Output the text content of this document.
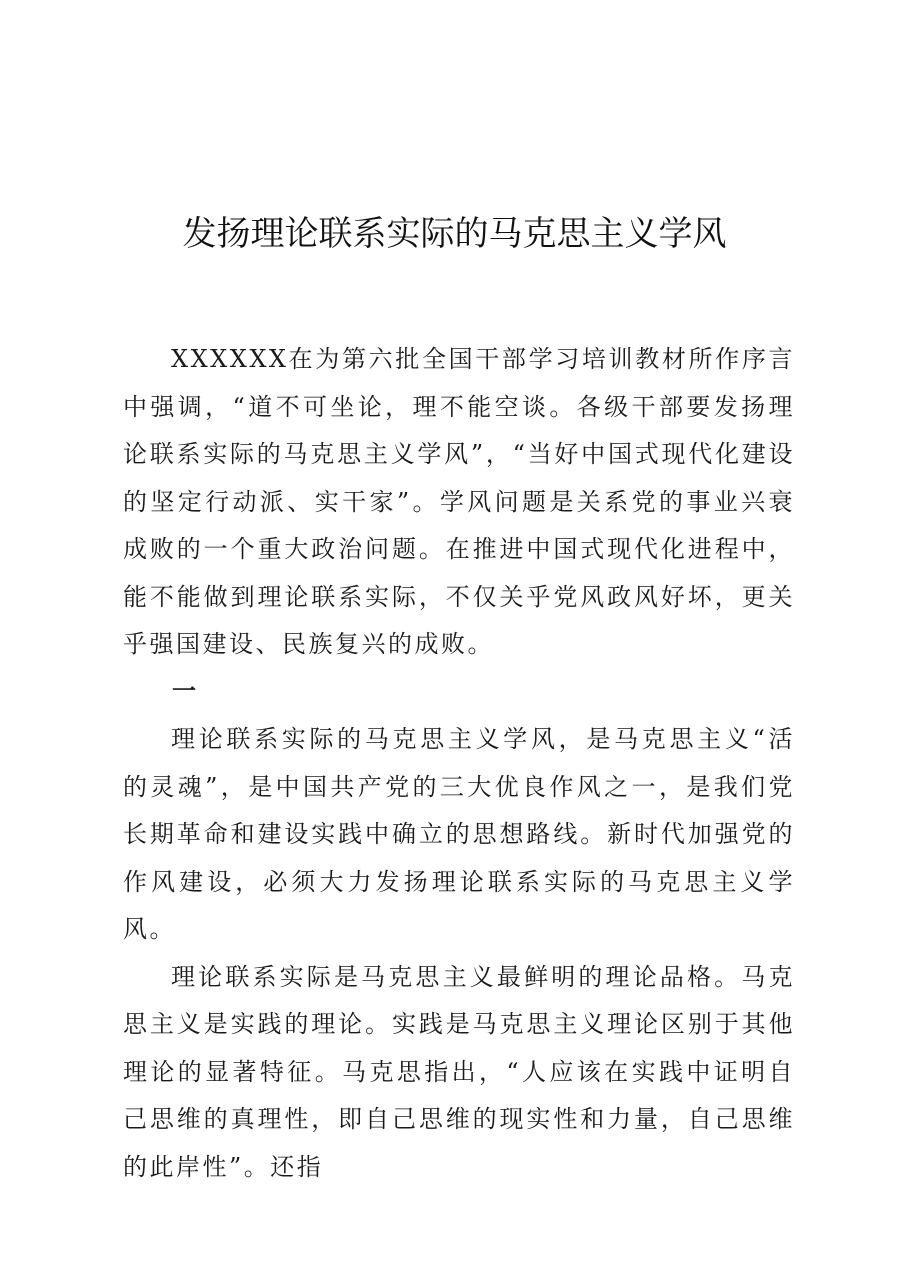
发扬理论联系实际的马克思主义学风

XXXXXX在为第六批全国干部学习培训教材所作序言中强调，“道不可坐论，理不能空谈。各级干部要发扬理论联系实际的马克思主义学风”，“当好中国式现代化建设的坚定行动派、实干家”。学风问题是关系党的事业兴衰成败的一个重大政治问题。在推进中国式现代化进程中，能不能做到理论联系实际，不仅关乎党风政风好坏，更关乎强国建设、民族复兴的成败。

一

理论联系实际的马克思主义学风，是马克思主义“活的灵魂”，是中国共产党的三大优良作风之一，是我们党长期革命和建设实践中确立的思想路线。新时代加强党的作风建设，必须大力发扬理论联系实际的马克思主义学风。

理论联系实际是马克思主义最鲜明的理论品格。马克思主义是实践的理论。实践是马克思主义理论区别于其他理论的显著特征。马克思指出，“人应该在实践中证明自己思维的真理性，即自己思维的现实性和力量，自己思维的此岸性”。还指
